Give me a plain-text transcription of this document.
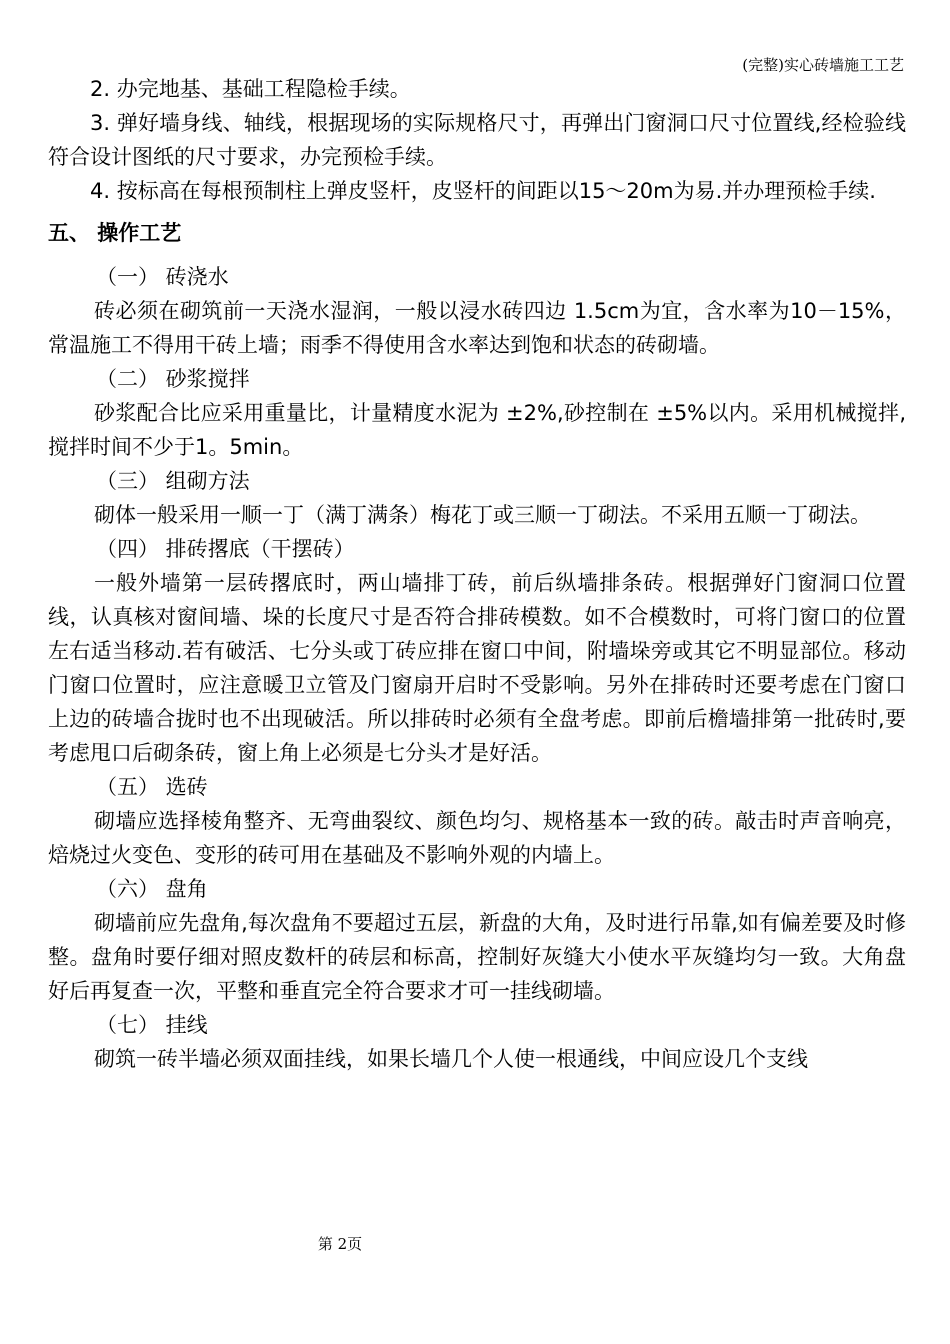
(完整)实心砖墙施工工艺

2. 办完地基、基础工程隐检手续。

3. 弹好墙身线、轴线，根据现场的实际规格尺寸，再弹出门窗洞口尺寸位置线,经检验线符合设计图纸的尺寸要求，办完预检手续。

4. 按标高在每根预制柱上弹皮竖杆，皮竖杆的间距以15～20m为易.并办理预检手续.

五、 操作工艺

（一） 砖浇水

砖必须在砌筑前一天浇水湿润，一般以浸水砖四边 1.5cm为宜，含水率为10－15%，常温施工不得用干砖上墙；雨季不得使用含水率达到饱和状态的砖砌墙。

（二） 砂浆搅拌

砂浆配合比应采用重量比，计量精度水泥为 ±2%,砂控制在 ±5%以内。采用机械搅拌,搅拌时间不少于1。5min。

（三） 组砌方法

砌体一般采用一顺一丁（满丁满条）梅花丁或三顺一丁砌法。不采用五顺一丁砌法。

（四） 排砖撂底（干摆砖）

一般外墙第一层砖撂底时，两山墙排丁砖，前后纵墙排条砖。根据弹好门窗洞口位置线，认真核对窗间墙、垛的长度尺寸是否符合排砖模数。如不合模数时，可将门窗口的位置左右适当移动.若有破活、七分头或丁砖应排在窗口中间，附墙垛旁或其它不明显部位。移动门窗口位置时，应注意暖卫立管及门窗扇开启时不受影响。另外在排砖时还要考虑在门窗口上边的砖墙合拢时也不出现破活。所以排砖时必须有全盘考虑。即前后檐墙排第一批砖时,要考虑甩口后砌条砖，窗上角上必须是七分头才是好活。

（五） 选砖

砌墙应选择棱角整齐、无弯曲裂纹、颜色均匀、规格基本一致的砖。敲击时声音响亮，焙烧过火变色、变形的砖可用在基础及不影响外观的内墙上。

（六） 盘角

砌墙前应先盘角,每次盘角不要超过五层，新盘的大角，及时进行吊靠,如有偏差要及时修整。盘角时要仔细对照皮数杆的砖层和标高，控制好灰缝大小使水平灰缝均匀一致。大角盘好后再复查一次，平整和垂直完全符合要求才可一挂线砌墙。

（七） 挂线

砌筑一砖半墙必须双面挂线，如果长墙几个人使一根通线，中间应设几个支线

第 2页
